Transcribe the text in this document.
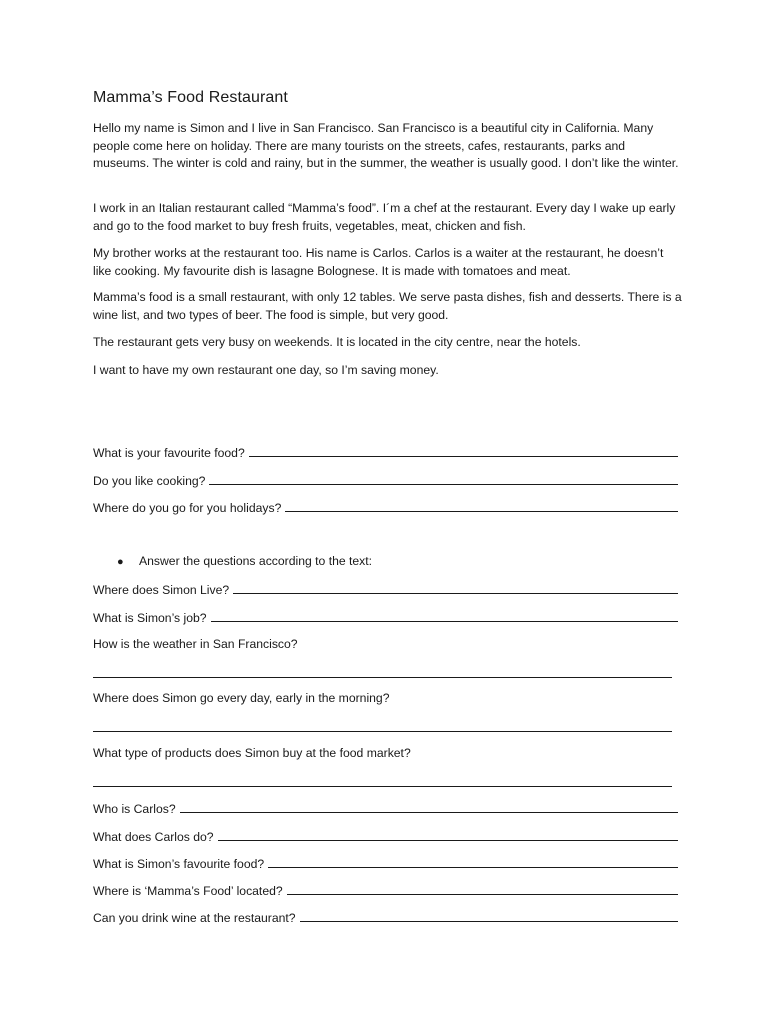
Mamma’s Food Restaurant

Hello my name is Simon and I live in San Francisco. San Francisco is a beautiful city in California. Many people come here on holiday. There are many tourists on the streets, cafes, restaurants, parks and museums. The winter is cold and rainy, but in the summer, the weather is usually good. I don’t like the winter.

I work in an Italian restaurant called “Mamma’s food”. I´m a chef at the restaurant. Every day I wake up early and go to the food market to buy fresh fruits, vegetables, meat, chicken and fish.

My brother works at the restaurant too. His name is Carlos. Carlos is a waiter at the restaurant, he doesn’t like cooking. My favourite dish is lasagne Bolognese. It is made with tomatoes and meat.

Mamma’s food is a small restaurant, with only 12 tables. We serve pasta dishes, fish and desserts. There is a wine list, and two types of beer. The food is simple, but very good.

The restaurant gets very busy on weekends. It is located in the city centre, near the hotels.

I want to have my own restaurant one day, so I’m saving money.

What is your favourite food?
Do you like cooking?
Where do you go for you holidays?
●	Answer the questions according to the text:
Where does Simon Live?
What is Simon’s job?
How is the weather in San Francisco?
Where does Simon go every day, early in the morning?
What type of products does Simon buy at the food market?
Who is Carlos?
What does Carlos do?
What is Simon’s favourite food?
Where is ‘Mamma’s Food’ located?
Can you drink wine at the restaurant?
